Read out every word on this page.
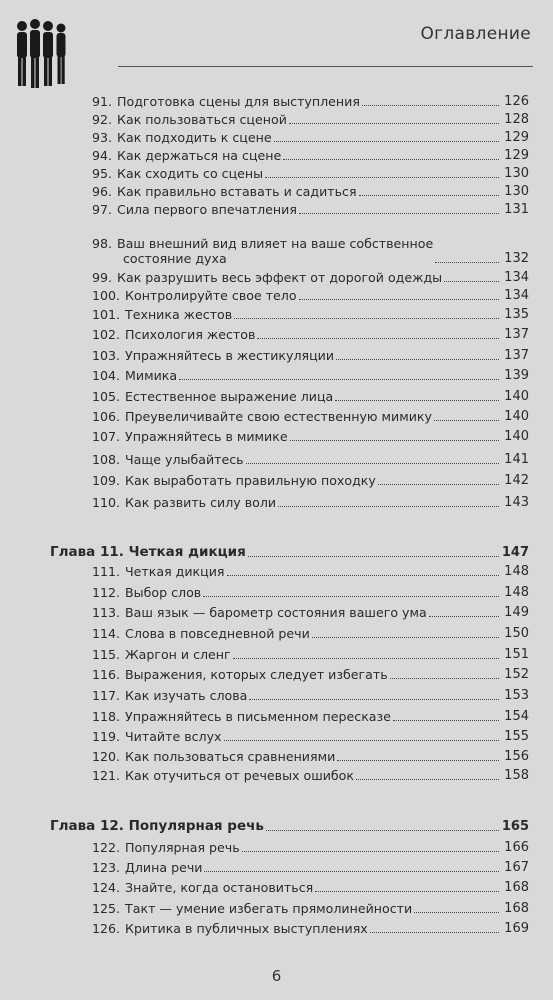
Оглавление
91. Подготовка сцены для выступления	126
92. Как пользоваться сценой	128
93. Как подходить к сцене	129
94. Как держаться на сцене	129
95. Как сходить со сцены	130
96. Как правильно вставать и садиться	130
97. Сила первого впечатления	131
98. Ваш внешний вид влияет на ваше собственное
состояние духа	132
99. Как разрушить весь эффект от дорогой одежды	134
100. Контролируйте свое тело	134
101. Техника жестов	135
102. Психология жестов	137
103. Упражняйтесь в жестикуляции	137
104. Мимика	139
105. Естественное выражение лица	140
106. Преувеличивайте свою естественную мимику	140
107. Упражняйтесь в мимике	140
108. Чаще улыбайтесь	141
109. Как выработать правильную походку	142
110. Как развить силу воли	143
Глава 11. Четкая дикция	147
111. Четкая дикция	148
112. Выбор слов	148
113. Ваш язык — барометр состояния вашего ума	149
114. Слова в повседневной речи	150
115. Жаргон и сленг	151
116. Выражения, которых следует избегать	152
117. Как изучать слова	153
118. Упражняйтесь в письменном пересказе	154
119. Читайте вслух	155
120. Как пользоваться сравнениями	156
121. Как отучиться от речевых ошибок	158
Глава 12. Популярная речь	165
122. Популярная речь	166
123. Длина речи	167
124. Знайте, когда остановиться	168
125. Такт — умение избегать прямолинейности	168
126. Критика в публичных выступлениях	169
6
